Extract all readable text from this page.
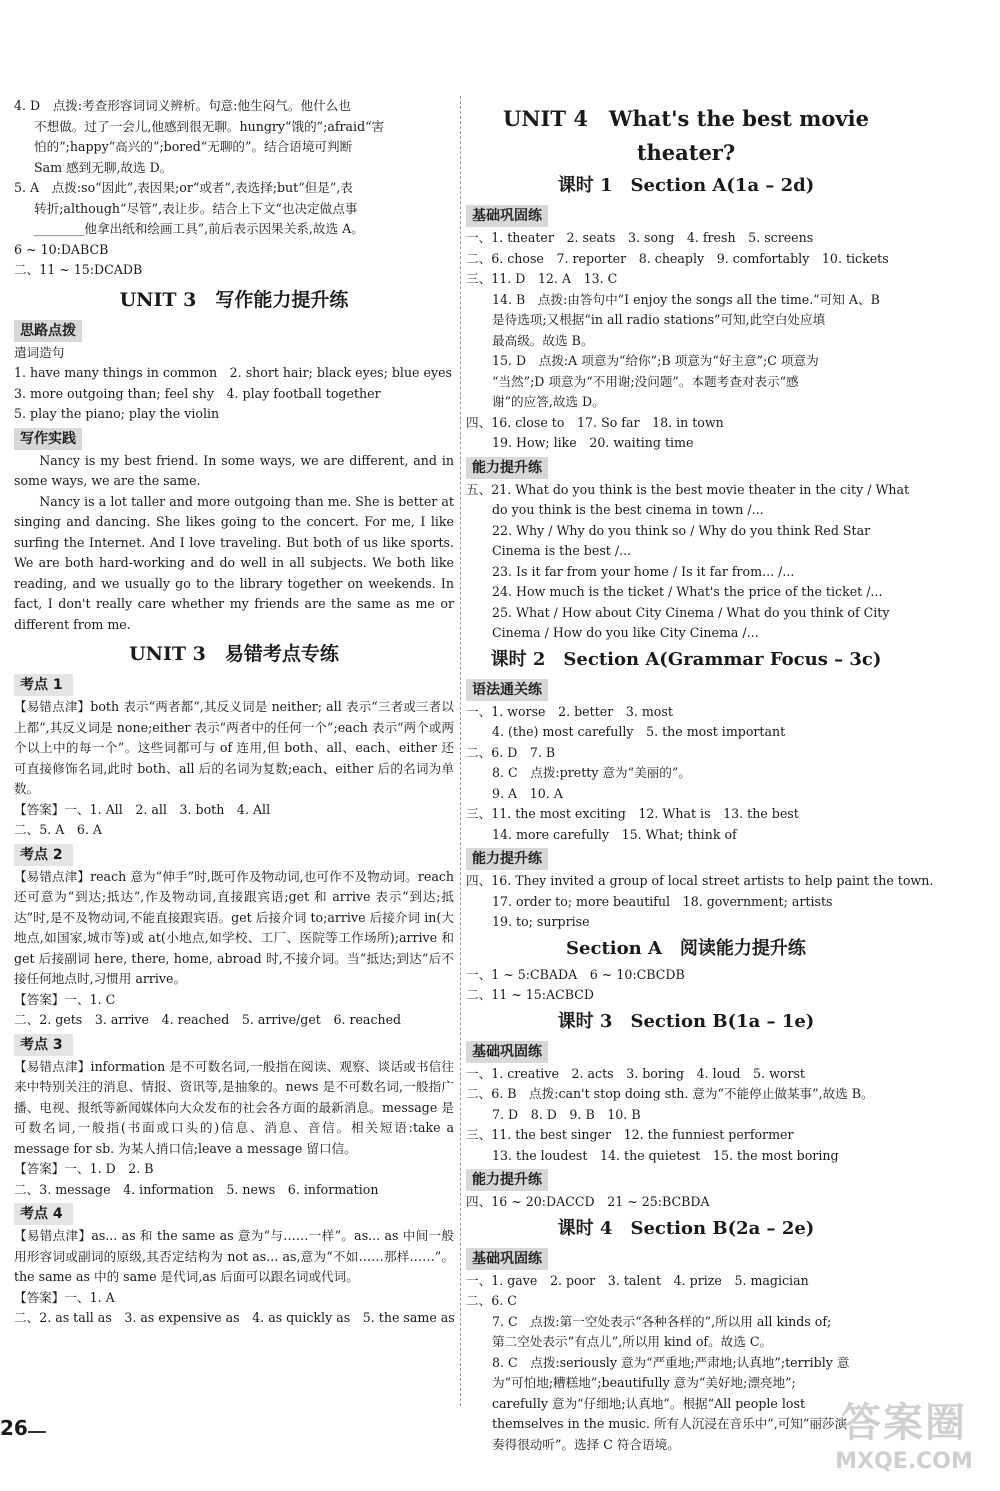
4. D　点拨:考查形容词词义辨析。句意:他生闷气。他什么也
不想做。过了一会儿,他感到很无聊。hungry“饿的”;afraid“害
怕的”;happy“高兴的”;bored“无聊的”。结合语境可判断
Sam 感到无聊,故选 D。
5. A　点拨:so“因此”,表因果;or“或者”,表选择;but“但是”,表
转折;although“尽管”,表让步。结合上下文“也决定做点事
________他拿出纸和绘画工具”,前后表示因果关系,故选 A。
6 ~ 10:DABCB
二、11 ~ 15:DCADB
UNIT 3　写作能力提升练
思路点拨
遣词造句
1. have many things in common　2. short hair; black eyes; blue eyes
3. more outgoing than; feel shy　4. play football together
5. play the piano; play the violin
写作实践

Nancy is my best friend. In some ways, we are different, and in some ways, we are the same.

Nancy is a lot taller and more outgoing than me. She is better at singing and dancing. She likes going to the concert. For me, I like surfing the Internet. And I love traveling. But both of us like sports. We are both hard-working and do well in all subjects. We both like reading, and we usually go to the library together on weekends. In fact, I don't really care whether my friends are the same as me or different from me.

UNIT 3　易错考点专练
考点 1

【易错点津】both 表示“两者都”,其反义词是 neither; all 表示“三者或三者以上都”,其反义词是 none;either 表示“两者中的任何一个”;each 表示“两个或两个以上中的每一个”。这些词都可与 of 连用,但 both、all、each、either 还可直接修饰名词,此时 both、all 后的名词为复数;each、either 后的名词为单数。

【答案】一、1. All　2. all　3. both　4. All
二、5. A　6. A
考点 2

【易错点津】reach 意为“伸手”时,既可作及物动词,也可作不及物动词。reach 还可意为“到达;抵达”,作及物动词,直接跟宾语;get 和 arrive 表示“到达;抵达”时,是不及物动词,不能直接跟宾语。get 后接介词 to;arrive 后接介词 in(大地点,如国家,城市等)或 at(小地点,如学校、工厂、医院等工作场所);arrive 和 get 后接副词 here, there, home, abroad 时,不接介词。当“抵达;到达”后不接任何地点时,习惯用 arrive。

【答案】一、1. C
二、2. gets　3. arrive　4. reached　5. arrive/get　6. reached
考点 3

【易错点津】information 是不可数名词,一般指在阅读、观察、谈话或书信往来中特别关注的消息、情报、资讯等,是抽象的。news 是不可数名词,一般指广播、电视、报纸等新闻媒体向大众发布的社会各方面的最新消息。message 是可数名词,一般指(书面或口头的)信息、消息、音信。相关短语:take a message for sb. 为某人捎口信;leave a message 留口信。

【答案】一、1. D　2. B
二、3. message　4. information　5. news　6. information
考点 4

【易错点津】as... as 和 the same as 意为“与……一样”。as... as 中间一般用形容词或副词的原级,其否定结构为 not as... as,意为“不如……那样……”。the same as 中的 same 是代词,as 后面可以跟名词或代词。

【答案】一、1. A
二、2. as tall as　3. as expensive as　4. as quickly as　5. the same as
UNIT 4　What's the best movie theater?
课时 1　Section A(1a – 2d)
基础巩固练
一、1. theater　2. seats　3. song　4. fresh　5. screens
二、6. chose　7. reporter　8. cheaply　9. comfortably　10. tickets
三、11. D　12. A　13. C
14. B　点拨:由答句中“I enjoy the songs all the time.”可知 A、B
是待选项;又根据“in all radio stations”可知,此空白处应填
最高级。故选 B。
15. D　点拨:A 项意为“给你”;B 项意为“好主意”;C 项意为
“当然”;D 项意为“不用谢;没问题”。本题考查对表示“感
谢”的应答,故选 D。
四、16. close to　17. So far　18. in town
19. How; like　20. waiting time
能力提升练
五、21. What do you think is the best movie theater in the city / What
do you think is the best cinema in town /...
22. Why / Why do you think so / Why do you think Red Star
Cinema is the best /...
23. Is it far from your home / Is it far from... /...
24. How much is the ticket / What's the price of the ticket /...
25. What / How about City Cinema / What do you think of City
Cinema / How do you like City Cinema /...
课时 2　Section A(Grammar Focus – 3c)
语法通关练
一、1. worse　2. better　3. most
4. (the) most carefully　5. the most important
二、6. D　7. B
8. C　点拨:pretty 意为“美丽的”。
9. A　10. A
三、11. the most exciting　12. What is　13. the best
14. more carefully　15. What; think of
能力提升练
四、16. They invited a group of local street artists to help paint the town.
17. order to; more beautiful　18. government; artists
19. to; surprise
Section A　阅读能力提升练
一、1 ~ 5:CBADA　6 ~ 10:CBCDB
二、11 ~ 15:ACBCD
课时 3　Section B(1a – 1e)
基础巩固练
一、1. creative　2. acts　3. boring　4. loud　5. worst
二、6. B　点拨:can't stop doing sth. 意为“不能停止做某事”,故选 B。
7. D　8. D　9. B　10. B
三、11. the best singer　12. the funniest performer
13. the loudest　14. the quietest　15. the most boring
能力提升练
四、16 ~ 20:DACCD　21 ~ 25:BCBDA
课时 4　Section B(2a – 2e)
基础巩固练
一、1. gave　2. poor　3. talent　4. prize　5. magician
二、6. C
7. C　点拨:第一空处表示“各种各样的”,所以用 all kinds of;
第二空处表示“有点儿”,所以用 kind of。故选 C。
8. C　点拨:seriously 意为“严重地;严肃地;认真地”;terribly 意
为“可怕地;糟糕地”;beautifully 意为“美好地;漂亮地”;
carefully 意为“仔细地;认真地”。根据“All people lost
themselves in the music. 所有人沉浸在音乐中”,可知“丽莎演
奏得很动听”。选择 C 符合语境。
26	答案圈
MXQE.COM
